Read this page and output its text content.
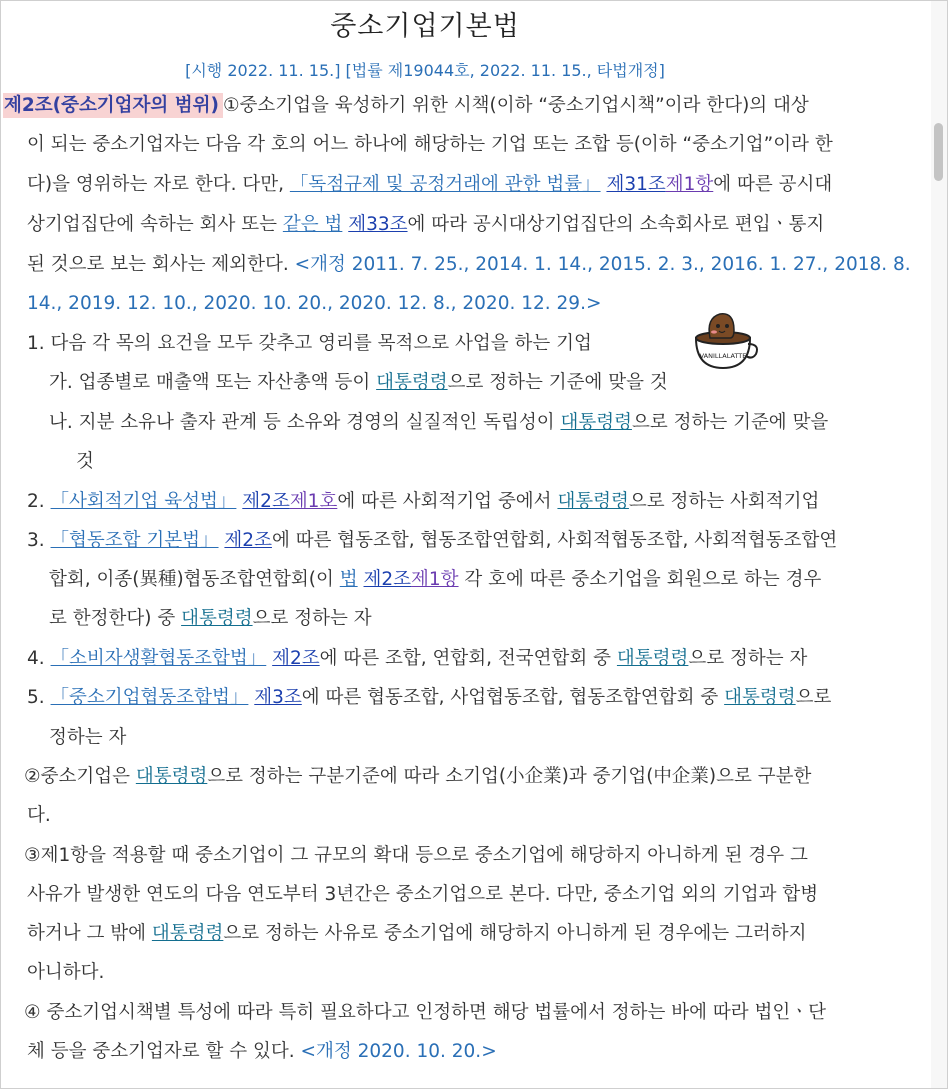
중소기업기본법
[시행 2022. 11. 15.] [법률 제19044호, 2022. 11. 15., 타법개정]
제2조(중소기업자의 범위) ①중소기업을 육성하기 위한 시책(이하 “중소기업시책”이라 한다)의 대상
이 되는 중소기업자는 다음 각 호의 어느 하나에 해당하는 기업 또는 조합 등(이하 “중소기업”이라 한
다)을 영위하는 자로 한다. 다만, 「독점규제 및 공정거래에 관한 법률」 제31조제1항에 따른 공시대
상기업집단에 속하는 회사 또는 같은 법 제33조에 따라 공시대상기업집단의 소속회사로 편입ㆍ통지
된 것으로 보는 회사는 제외한다. <개정 2011. 7. 25., 2014. 1. 14., 2015. 2. 3., 2016. 1. 27., 2018. 8.
14., 2019. 12. 10., 2020. 10. 20., 2020. 12. 8., 2020. 12. 29.>
1. 다음 각 목의 요건을 모두 갖추고 영리를 목적으로 사업을 하는 기업
가. 업종별로 매출액 또는 자산총액 등이 대통령령으로 정하는 기준에 맞을 것
나. 지분 소유나 출자 관계 등 소유와 경영의 실질적인 독립성이 대통령령으로 정하는 기준에 맞을
것
2. 「사회적기업 육성법」 제2조제1호에 따른 사회적기업 중에서 대통령령으로 정하는 사회적기업
3. 「협동조합 기본법」 제2조에 따른 협동조합, 협동조합연합회, 사회적협동조합, 사회적협동조합연
합회, 이종(異種)협동조합연합회(이 법 제2조제1항 각 호에 따른 중소기업을 회원으로 하는 경우
로 한정한다) 중 대통령령으로 정하는 자
4. 「소비자생활협동조합법」 제2조에 따른 조합, 연합회, 전국연합회 중 대통령령으로 정하는 자
5. 「중소기업협동조합법」 제3조에 따른 협동조합, 사업협동조합, 협동조합연합회 중 대통령령으로
정하는 자
②중소기업은 대통령령으로 정하는 구분기준에 따라 소기업(小企業)과 중기업(中企業)으로 구분한
다.
③제1항을 적용할 때 중소기업이 그 규모의 확대 등으로 중소기업에 해당하지 아니하게 된 경우 그
사유가 발생한 연도의 다음 연도부터 3년간은 중소기업으로 본다. 다만, 중소기업 외의 기업과 합병
하거나 그 밖에 대통령령으로 정하는 사유로 중소기업에 해당하지 아니하게 된 경우에는 그러하지
아니하다.
④ 중소기업시책별 특성에 따라 특히 필요하다고 인정하면 해당 법률에서 정하는 바에 따라 법인ㆍ단
체 등을 중소기업자로 할 수 있다. <개정 2020. 10. 20.>
VANILLALATTE
